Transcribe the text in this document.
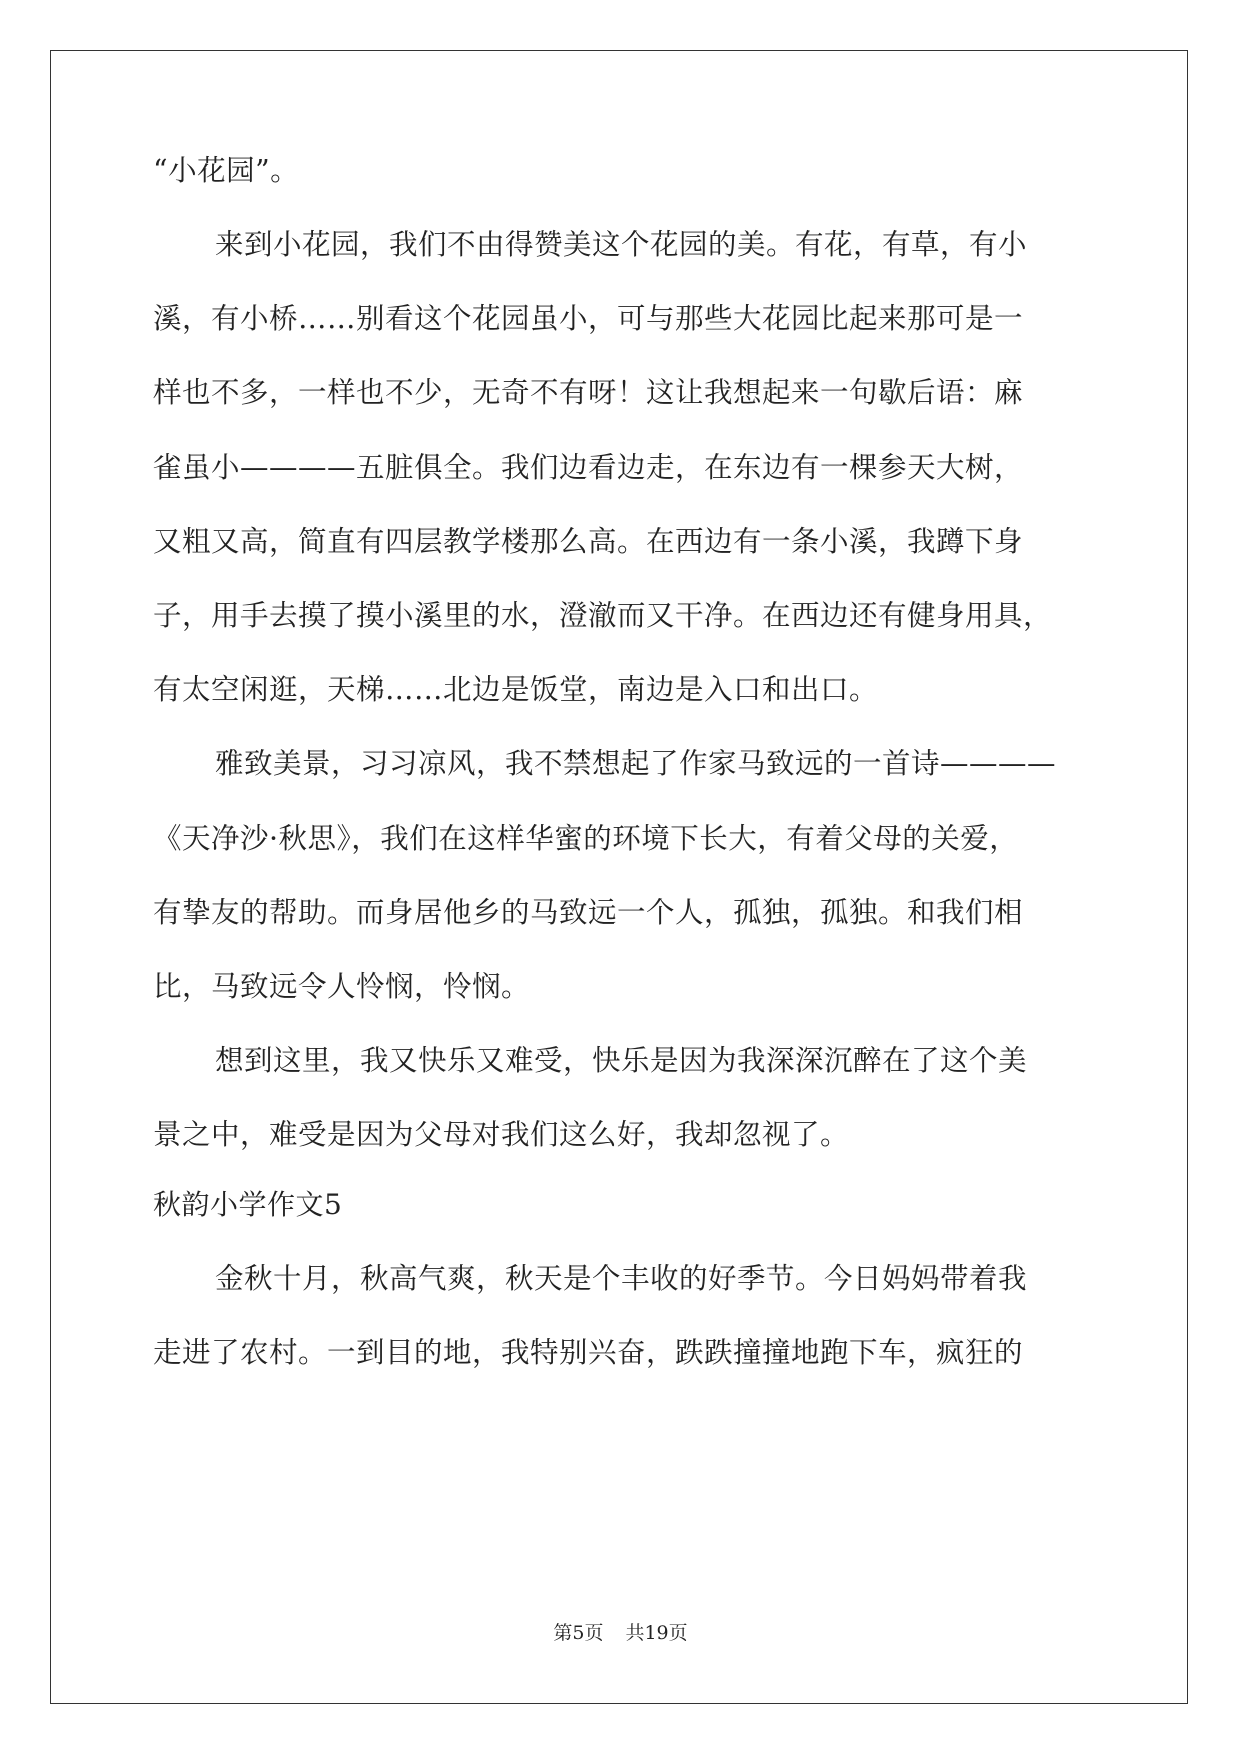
“小花园”。
来到小花园，我们不由得赞美这个花园的美。有花，有草，有小
溪，有小桥……别看这个花园虽小，可与那些大花园比起来那可是一
样也不多，一样也不少，无奇不有呀！这让我想起来一句歇后语：麻
雀虽小————五脏俱全。我们边看边走，在东边有一棵参天大树，
又粗又高，简直有四层教学楼那么高。在西边有一条小溪，我蹲下身
子，用手去摸了摸小溪里的水，澄澈而又干净。在西边还有健身用具，
有太空闲逛，天梯……北边是饭堂，南边是入口和出口。
雅致美景，习习凉风，我不禁想起了作家马致远的一首诗————
《天净沙·秋思》，我们在这样华蜜的环境下长大，有着父母的关爱，
有挚友的帮助。而身居他乡的马致远一个人，孤独，孤独。和我们相
比，马致远令人怜悯，怜悯。
想到这里，我又快乐又难受，快乐是因为我深深沉醉在了这个美
景之中，难受是因为父母对我们这么好，我却忽视了。
秋韵小学作文5
金秋十月，秋高气爽，秋天是个丰收的好季节。今日妈妈带着我
走进了农村。一到目的地，我特别兴奋，跌跌撞撞地跑下车，疯狂的
第5页 共19页
